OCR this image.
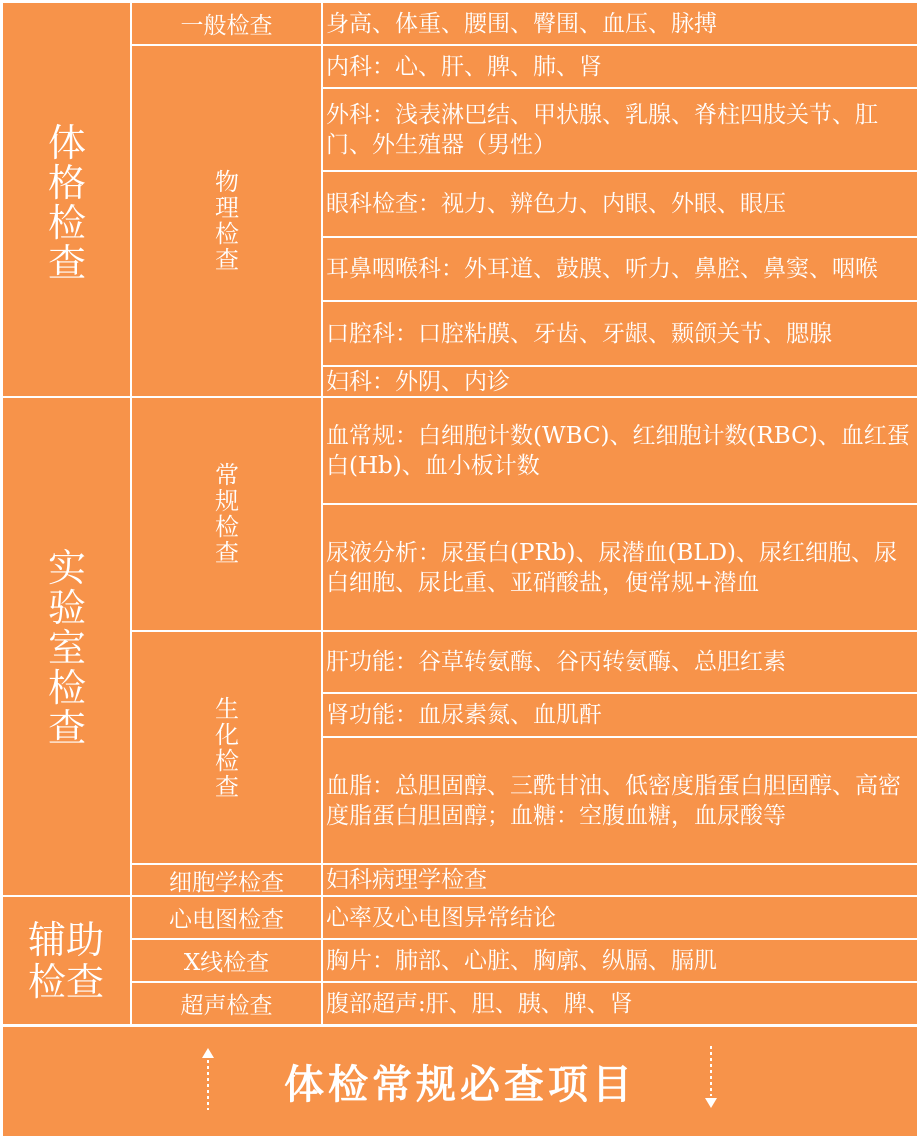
体格检查
实验室检查
辅助检查
一般检查
物理检查
常规检查
生化检查
细胞学检查
心电图检查
X线检查
超声检查
身高、体重、腰围、臀围、血压、脉搏
内科：心、肝、脾、肺、肾
外科：浅表淋巴结、甲状腺、乳腺、脊柱四肢关节、肛门、外生殖器（男性）
眼科检查：视力、辨色力、内眼、外眼、眼压
耳鼻咽喉科：外耳道、鼓膜、听力、鼻腔、鼻窦、咽喉
口腔科：口腔粘膜、牙齿、牙龈、颞颌关节、腮腺
妇科：外阴、内诊
血常规：白细胞计数(WBC)、红细胞计数(RBC)、血红蛋白(Hb)、血小板计数
尿液分析：尿蛋白(PRb)、尿潜血(BLD)、尿红细胞、尿白细胞、尿比重、亚硝酸盐，便常规+潜血
肝功能：谷草转氨酶、谷丙转氨酶、总胆红素
肾功能：血尿素氮、血肌酐
血脂：总胆固醇、三酰甘油、低密度脂蛋白胆固醇、高密度脂蛋白胆固醇；血糖：空腹血糖，血尿酸等
妇科病理学检查
心率及心电图异常结论
胸片：肺部、心脏、胸廓、纵膈、膈肌
腹部超声:肝、胆、胰、脾、肾
体检常规必查项目
